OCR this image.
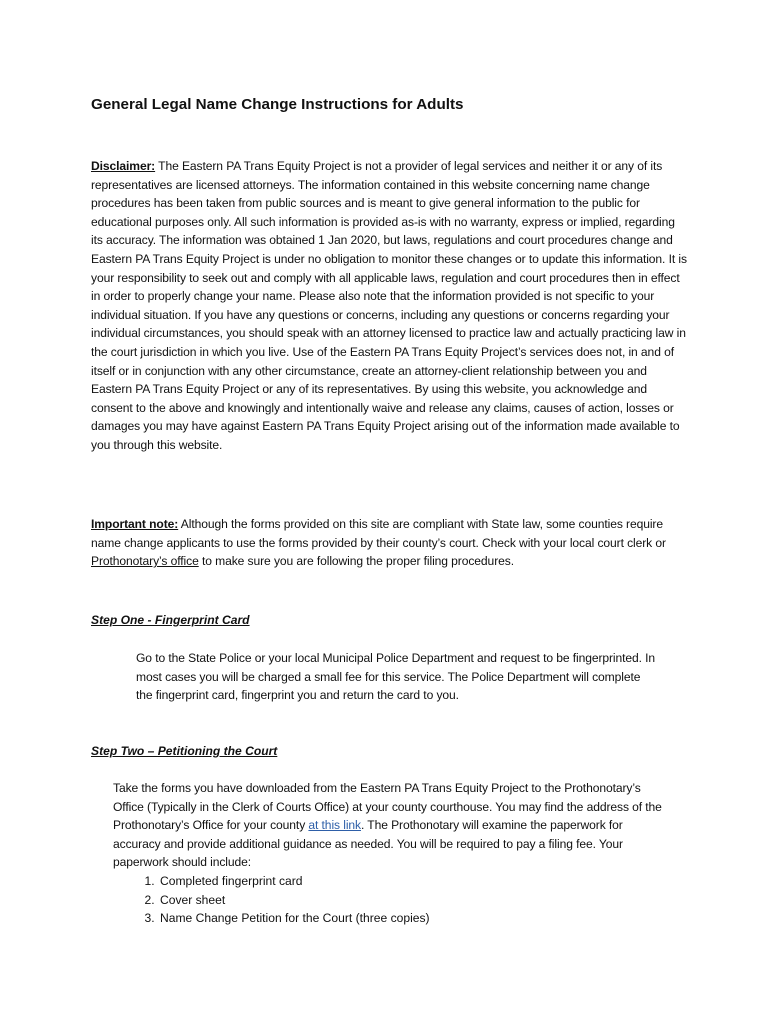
General Legal Name Change Instructions for Adults
Disclaimer: The Eastern PA Trans Equity Project is not a provider of legal services and neither it or any of its representatives are licensed attorneys. The information contained in this website concerning name change procedures has been taken from public sources and is meant to give general information to the public for educational purposes only. All such information is provided as-is with no warranty, express or implied, regarding its accuracy. The information was obtained 1 Jan 2020, but laws, regulations and court procedures change and Eastern PA Trans Equity Project is under no obligation to monitor these changes or to update this information. It is your responsibility to seek out and comply with all applicable laws, regulation and court procedures then in effect in order to properly change your name. Please also note that the information provided is not specific to your individual situation. If you have any questions or concerns, including any questions or concerns regarding your individual circumstances, you should speak with an attorney licensed to practice law and actually practicing law in the court jurisdiction in which you live. Use of the Eastern PA Trans Equity Project’s services does not, in and of itself or in conjunction with any other circumstance, create an attorney-client relationship between you and Eastern PA Trans Equity Project or any of its representatives. By using this website, you acknowledge and consent to the above and knowingly and intentionally waive and release any claims, causes of action, losses or damages you may have against Eastern PA Trans Equity Project arising out of the information made available to you through this website.
Important note: Although the forms provided on this site are compliant with State law, some counties require name change applicants to use the forms provided by their county’s court. Check with your local court clerk or Prothonotary’s office to make sure you are following the proper filing procedures.
Step One - Fingerprint Card
Go to the State Police or your local Municipal Police Department and request to be fingerprinted. In most cases you will be charged a small fee for this service. The Police Department will complete the fingerprint card, fingerprint you and return the card to you.
Step Two – Petitioning the Court
Take the forms you have downloaded from the Eastern PA Trans Equity Project to the Prothonotary’s Office (Typically in the Clerk of Courts Office) at your county courthouse. You may find the address of the Prothonotary’s Office for your county at this link. The Prothonotary will examine the paperwork for accuracy and provide additional guidance as needed. You will be required to pay a filing fee. Your paperwork should include:
1. Completed fingerprint card
2. Cover sheet
3. Name Change Petition for the Court (three copies)
